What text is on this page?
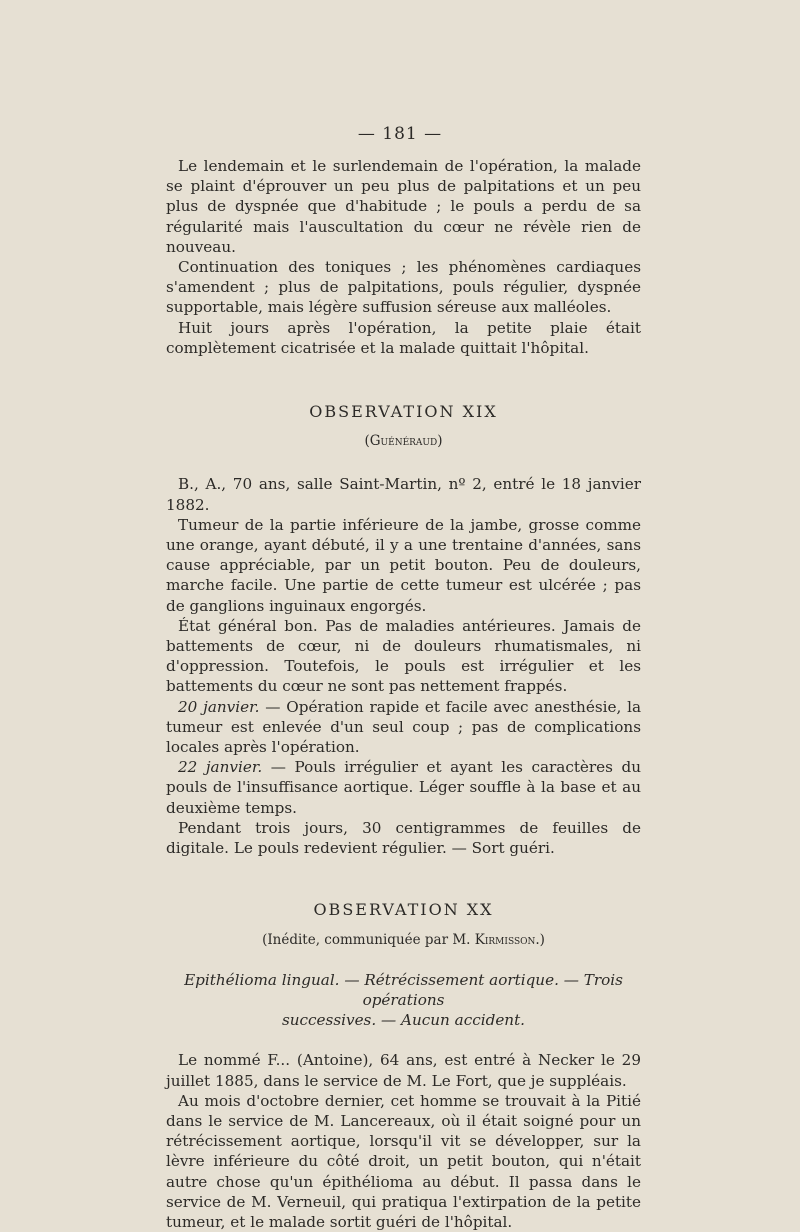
— 181 —

Le lendemain et le surlendemain de l'opération, la malade se plaint d'éprouver un peu plus de palpitations et un peu plus de dyspnée que d'habitude ; le pouls a perdu de sa régularité mais l'auscultation du cœur ne révèle rien de nouveau.

Continuation des toniques ; les phénomènes cardiaques s'amendent ; plus de palpitations, pouls régulier, dyspnée supportable, mais légère suffusion séreuse aux malléoles.

Huit jours après l'opération, la petite plaie était complètement cicatrisée et la malade quittait l'hôpital.

OBSERVATION XIX

(Guénéraud)

B., A., 70 ans, salle Saint-Martin, nº 2, entré le 18 janvier 1882.

Tumeur de la partie inférieure de la jambe, grosse comme une orange, ayant débuté, il y a une trentaine d'années, sans cause appréciable, par un petit bouton. Peu de douleurs, marche facile. Une partie de cette tumeur est ulcérée ; pas de ganglions inguinaux engorgés.

État général bon. Pas de maladies antérieures. Jamais de battements de cœur, ni de douleurs rhumatismales, ni d'oppression. Toutefois, le pouls est irrégulier et les battements du cœur ne sont pas nettement frappés.

20 janvier. — Opération rapide et facile avec anesthésie, la tumeur est enlevée d'un seul coup ; pas de complications locales après l'opération.

22 janvier. — Pouls irrégulier et ayant les caractères du pouls de l'insuffisance aortique. Léger souffle à la base et au deuxième temps.

Pendant trois jours, 30 centigrammes de feuilles de digitale. Le pouls redevient régulier. — Sort guéri.

OBSERVATION XX

(Inédite, communiquée par M. Kirmisson.)

Epithélioma lingual. — Rétrécissement aortique. — Trois opérations

successives. — Aucun accident.

Le nommé F... (Antoine), 64 ans, est entré à Necker le 29 juillet 1885, dans le service de M. Le Fort, que je suppléais.

Au mois d'octobre dernier, cet homme se trouvait à la Pitié dans le service de M. Lancereaux, où il était soigné pour un rétrécissement aortique, lorsqu'il vit se développer, sur la lèvre inférieure du côté droit, un petit bouton, qui n'était autre chose qu'un épithélioma au début. Il passa dans le service de M. Verneuil, qui pratiqua l'extirpation de la petite tumeur, et le malade sortit guéri de l'hôpital.
